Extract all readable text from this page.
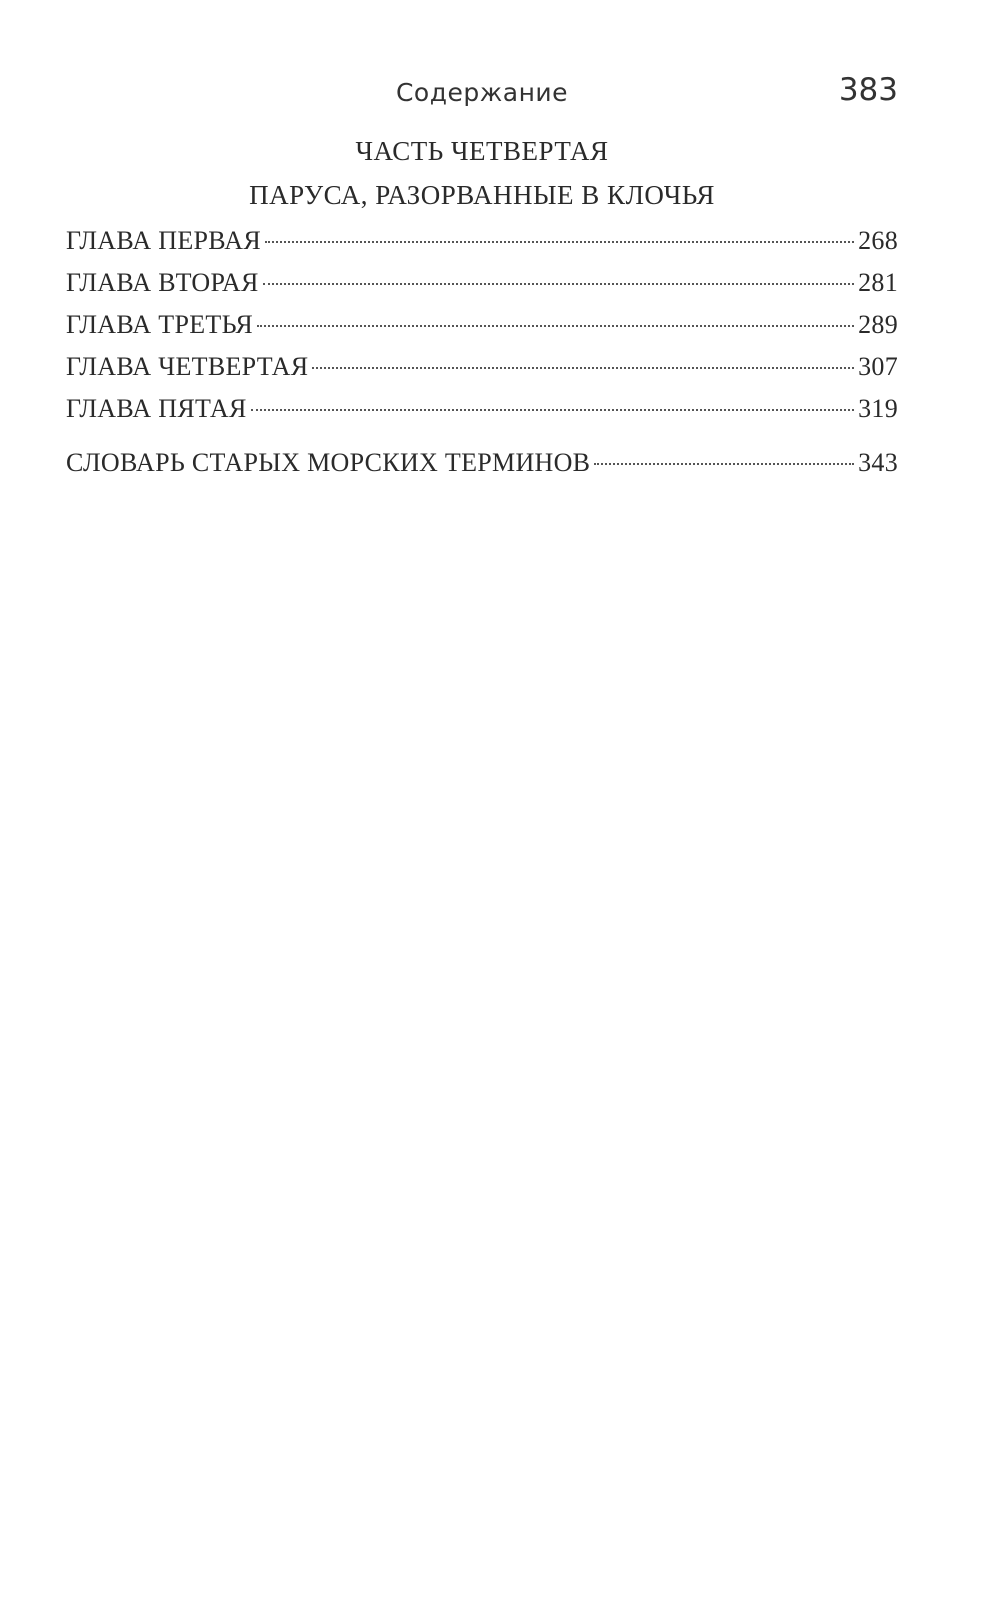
Содержание	383
ЧАСТЬ ЧЕТВЕРТАЯ
ПАРУСА, РАЗОРВАННЫЕ В КЛОЧЬЯ
ГЛАВА ПЕРВАЯ	268
ГЛАВА ВТОРАЯ	281
ГЛАВА ТРЕТЬЯ	289
ГЛАВА ЧЕТВЕРТАЯ	307
ГЛАВА ПЯТАЯ	319
СЛОВАРЬ СТАРЫХ МОРСКИХ ТЕРМИНОВ	343
